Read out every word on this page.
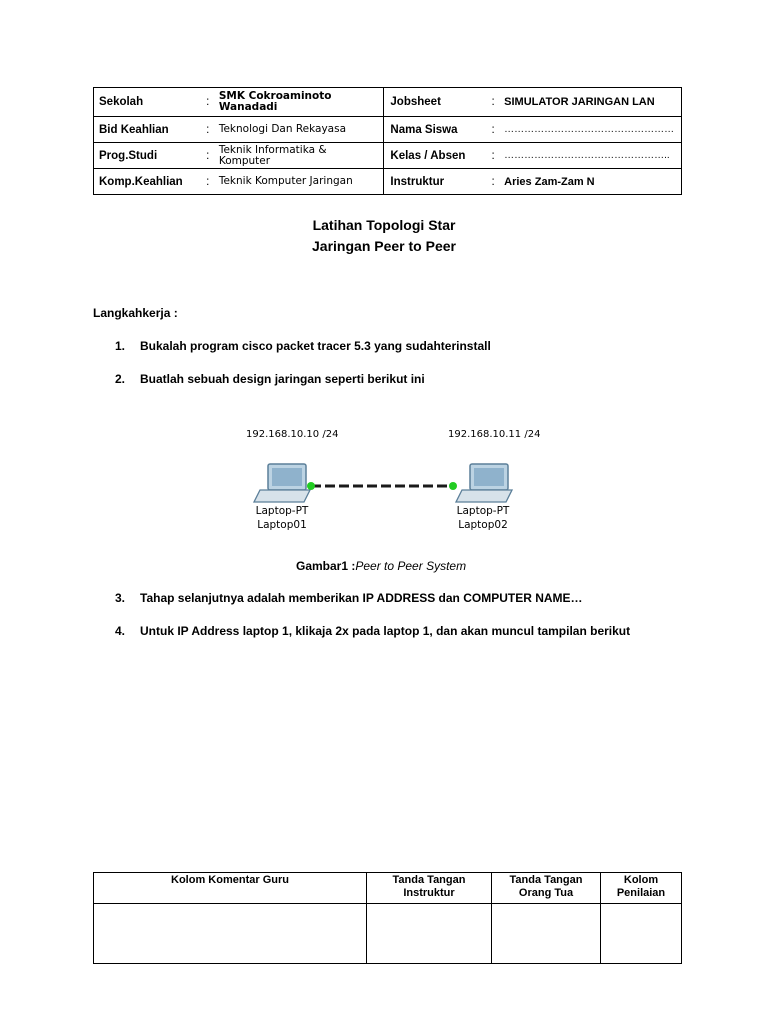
Sekolah	:	SMK Cokroaminoto Wanadadi	Jobsheet	:	SIMULATOR JARINGAN LAN
Bid Keahlian	:	Teknologi Dan Rekayasa	Nama Siswa	:	……………………………………………
Prog.Studi	:	Teknik Informatika & Komputer	Kelas / Absen	:	…………………………………………..
Komp.Keahlian	:	Teknik Komputer Jaringan	Instruktur	:	Aries Zam-Zam N
Latihan Topologi Star
Jaringan Peer to Peer
Langkahkerja :
1. Bukalah program cisco packet tracer 5.3 yang sudahterinstall
2. Buatlah sebuah design jaringan seperti berikut ini
192.168.10.10 /24	192.168.10.11 /24
Laptop-PT
Laptop01
Laptop-PT
Laptop02
Gambar1 :Peer to Peer System
3. Tahap selanjutnya adalah memberikan IP ADDRESS dan COMPUTER NAME…
4. Untuk IP Address laptop 1, klikaja 2x pada laptop 1, dan akan muncul tampilan berikut
Kolom Komentar Guru	Tanda Tangan Instruktur	Tanda Tangan Orang Tua	Kolom Penilaian
